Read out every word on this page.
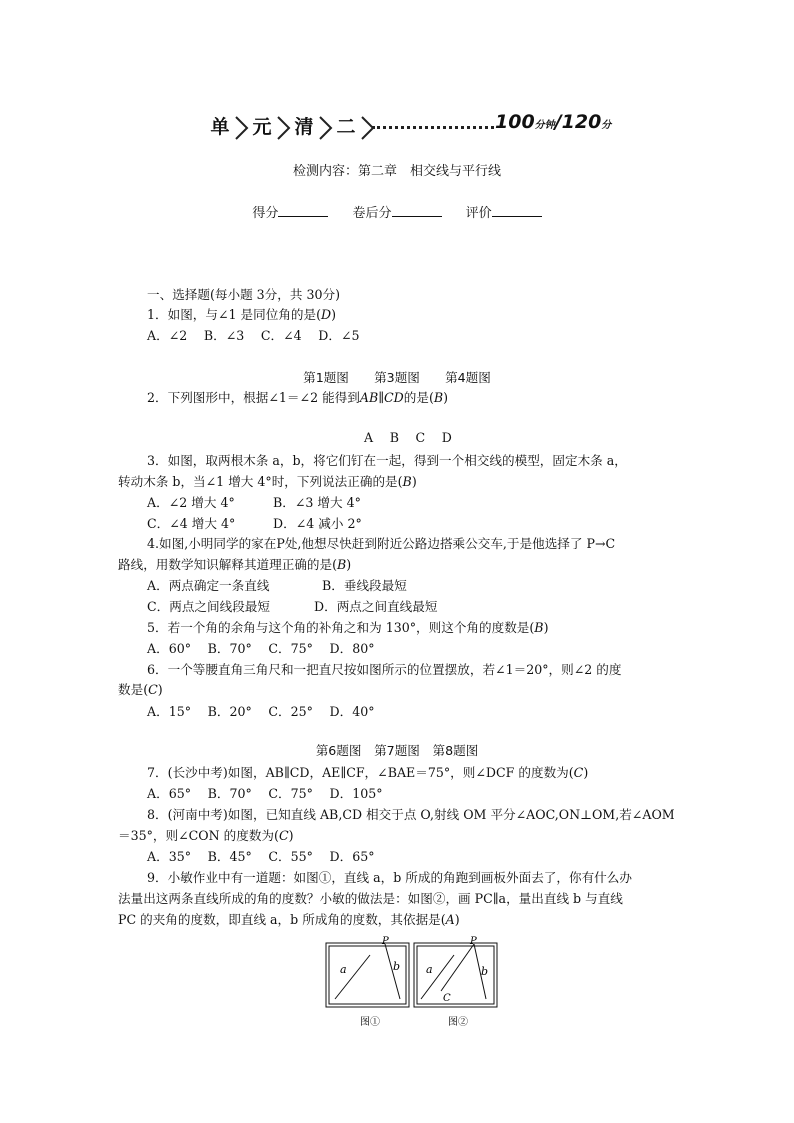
单 元 清 二	100分钟/120分
检测内容：第二章　相交线与平行线
得分	卷后分	评价
一、选择题(每小题 3分，共 30分)
1．如图，与∠1 是同位角的是(D)
A．∠2　 B．∠3　 C．∠4　 D．∠5
第1题图　　第3题图　　第4题图
2．下列图形中，根据∠1＝∠2 能得到AB∥CD的是(B)
A　 B　 C　 D
3．如图，取两根木条 a，b，将它们钉在一起，得到一个相交线的模型，固定木条 a，
转动木条 b，当∠1 增大 4°时，下列说法正确的是(B)
A．∠2 增大 4°	B．∠3 增大 4°
C．∠4 增大 4°	D．∠4 减小 2°
4.如图,小明同学的家在P处,他想尽快赶到附近公路边搭乘公交车,于是他选择了 P→C
路线，用数学知识解释其道理正确的是(B)
A．两点确定一条直线	B．垂线段最短
C．两点之间线段最短	D．两点之间直线最短
5．若一个角的余角与这个角的补角之和为 130°，则这个角的度数是(B)
A．60°　 B．70°　 C．75°　 D．80°
6．一个等腰直角三角尺和一把直尺按如图所示的位置摆放，若∠1＝20°，则∠2 的度
数是(C)
A．15°　 B．20°　 C．25°　 D．40°
第6题图　第7题图　第8题图
7．(长沙中考)如图，AB∥CD，AE∥CF，∠BAE＝75°，则∠DCF 的度数为(C)
A．65°　 B．70°　 C．75°　 D．105°
8．(河南中考)如图，已知直线 AB,CD 相交于点 O,射线 OM 平分∠AOC,ON⊥OM,若∠AOM
＝35°，则∠CON 的度数为(C)
A．35°　 B．45°　 C．55°　 D．65°
9．小敏作业中有一道题：如图①，直线 a，b 所成的角跑到画板外面去了，你有什么办
法量出这两条直线所成的角的度数？小敏的做法是：如图②，画 PC∥a，量出直线 b 与直线
PC 的夹角的度数，即直线 a，b 所成角的度数，其依据是(A)
a	b
P
图①
a	b
P
C
图②
